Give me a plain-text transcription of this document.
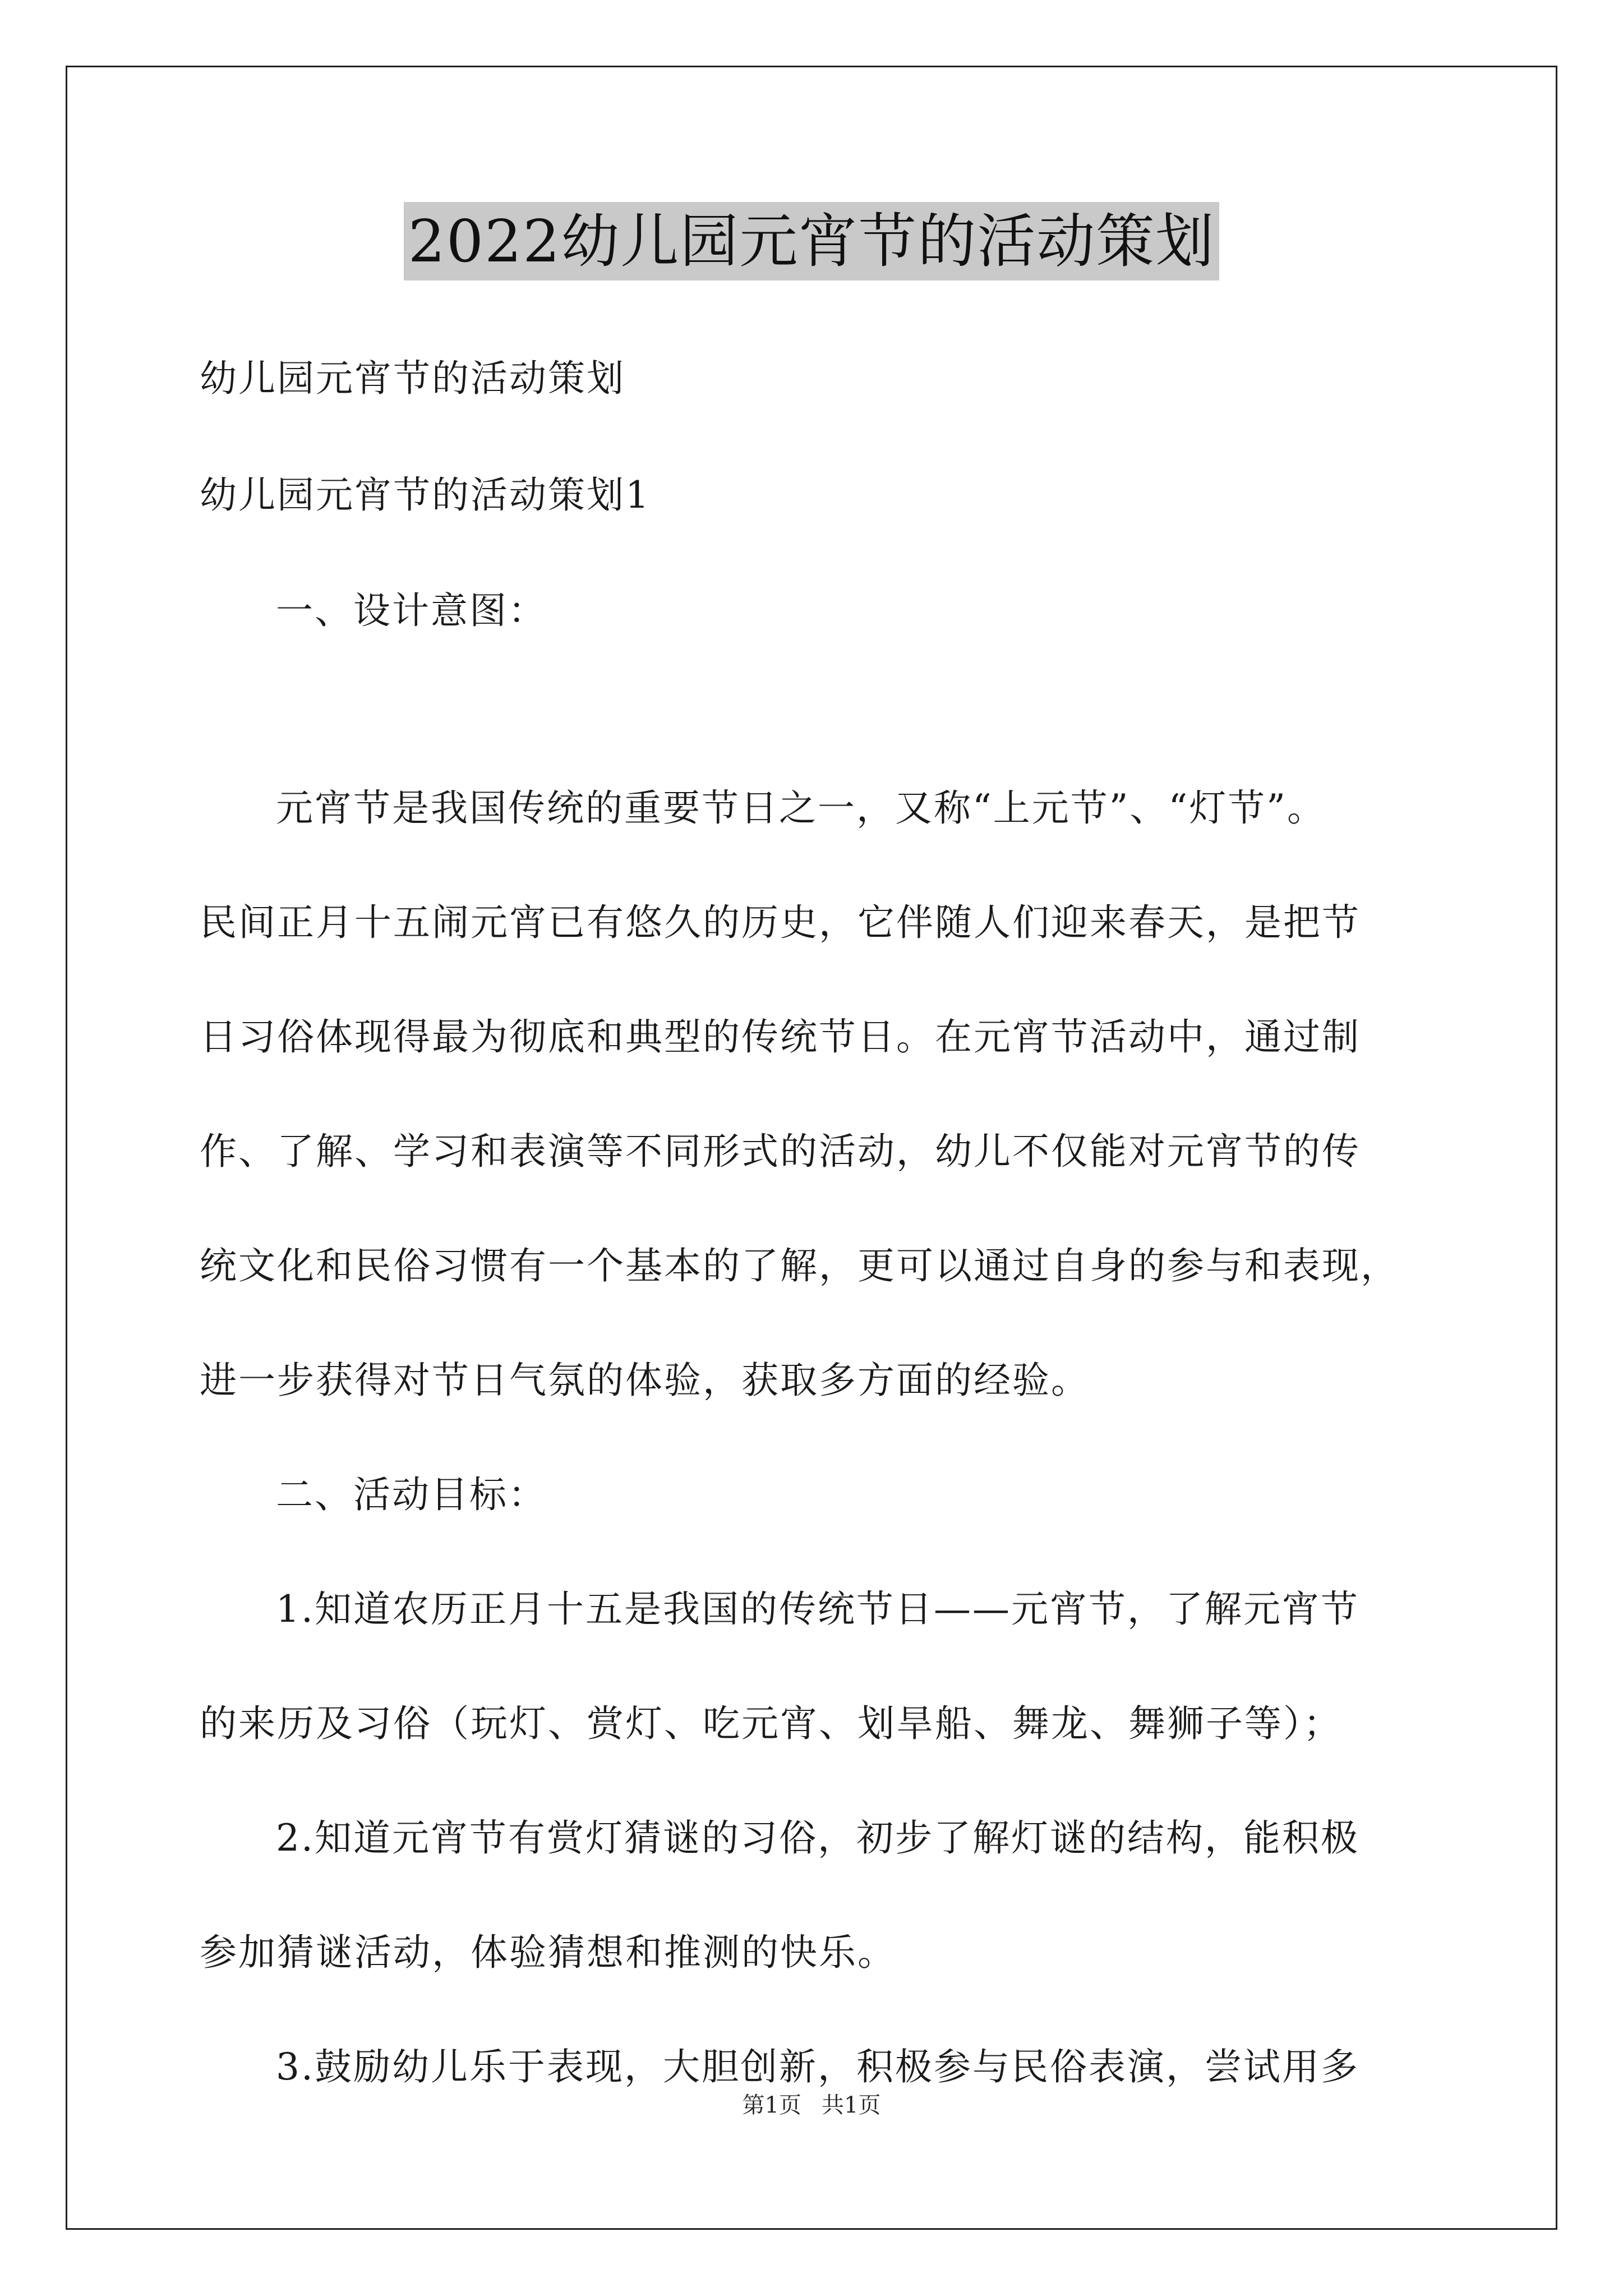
2022幼儿园元宵节的活动策划
幼儿园元宵节的活动策划
幼儿园元宵节的活动策划1
一、设计意图：
元宵节是我国传统的重要节日之一，又称“上元节”、“灯节”。
民间正月十五闹元宵已有悠久的历史，它伴随人们迎来春天，是把节
日习俗体现得最为彻底和典型的传统节日。在元宵节活动中，通过制
作、了解、学习和表演等不同形式的活动，幼儿不仅能对元宵节的传
统文化和民俗习惯有一个基本的了解，更可以通过自身的参与和表现，
进一步获得对节日气氛的体验，获取多方面的经验。
二、活动目标：
1.知道农历正月十五是我国的传统节日——元宵节，了解元宵节
的来历及习俗（玩灯、赏灯、吃元宵、划旱船、舞龙、舞狮子等）；
2.知道元宵节有赏灯猜谜的习俗，初步了解灯谜的结构，能积极
参加猜谜活动，体验猜想和推测的快乐。
3.鼓励幼儿乐于表现，大胆创新，积极参与民俗表演，尝试用多
第1页 共1页
